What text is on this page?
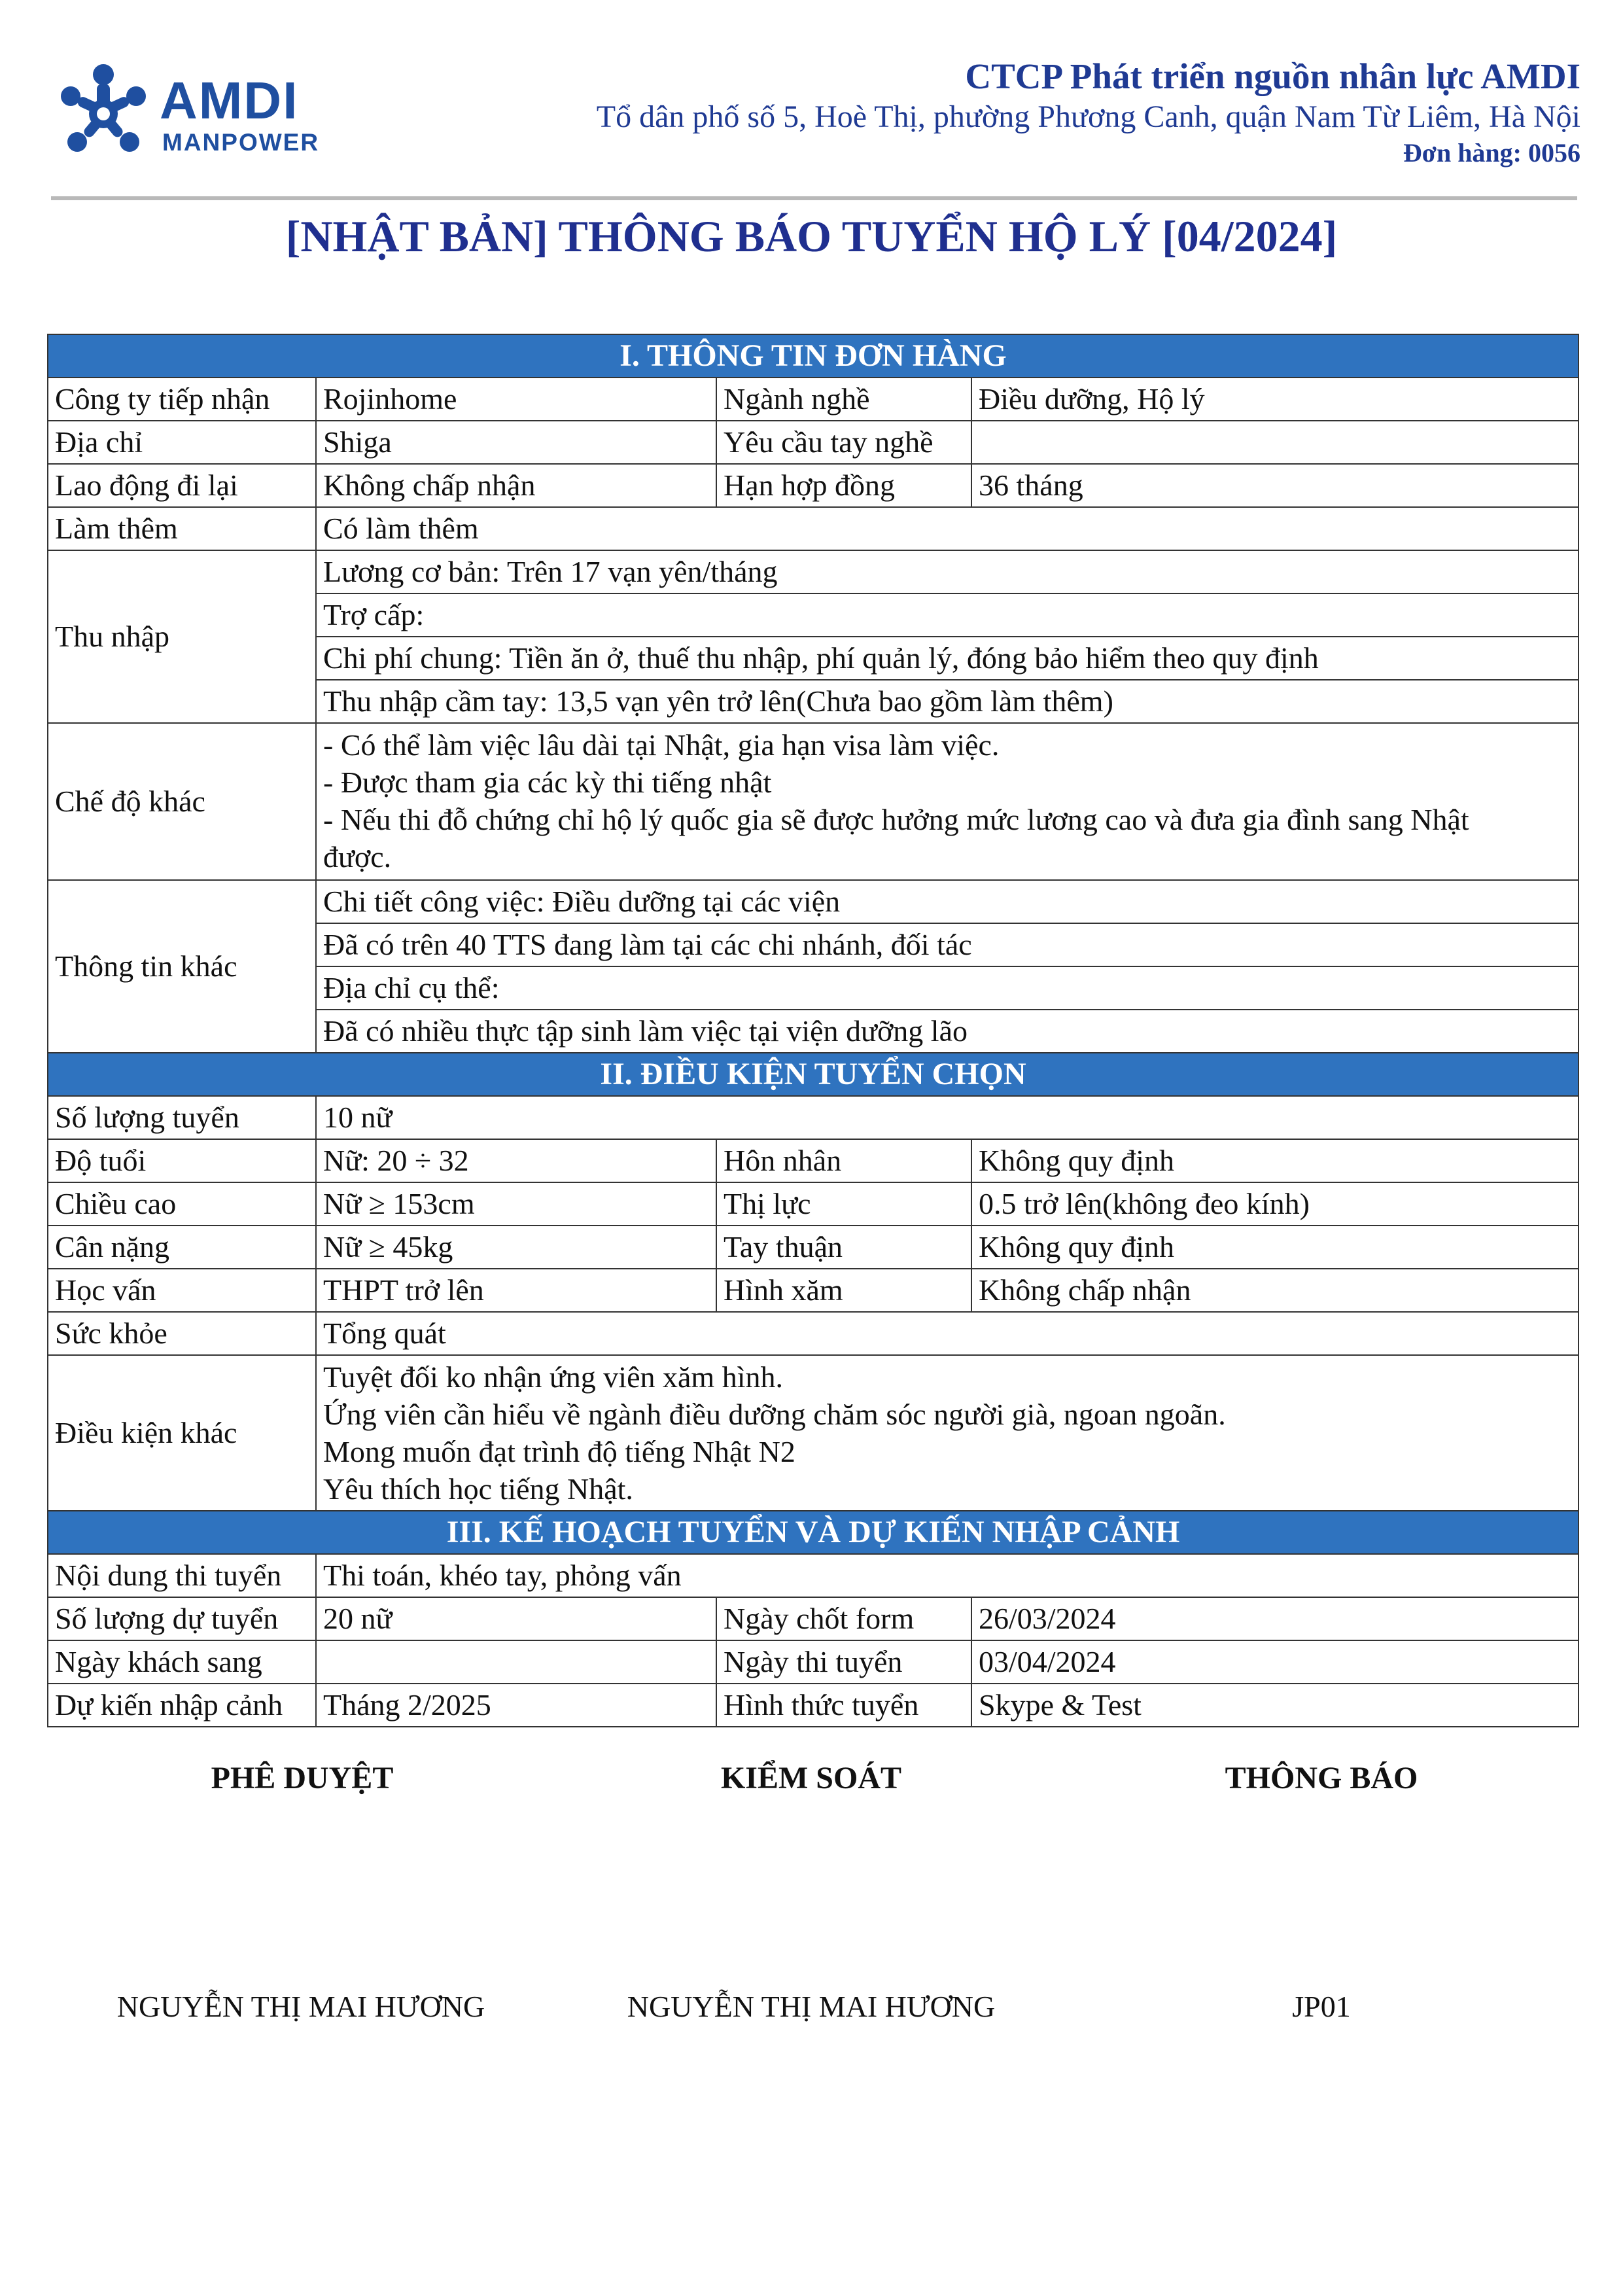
AMDI
MANPOWER
CTCP Phát triển nguồn nhân lực AMDI
Tổ dân phố số 5, Hoè Thị, phường Phương Canh, quận Nam Từ Liêm, Hà Nội
Đơn hàng: 0056
[NHẬT BẢN] THÔNG BÁO TUYỂN HỘ LÝ [04/2024]
I. THÔNG TIN ĐƠN HÀNG			
Công ty tiếp nhận	Rojinhome	Ngành nghề	Điều dưỡng, Hộ lý
Địa chỉ	Shiga	Yêu cầu tay nghề	
Lao động đi lại	Không chấp nhận	Hạn hợp đồng	36 tháng
Làm thêm	Có làm thêm		
Thu nhập	Lương cơ bản: Trên 17 vạn yên/tháng		
	Trợ cấp:		
	Chi phí chung: Tiền ăn ở, thuế thu nhập, phí quản lý, đóng bảo hiểm theo quy định		
	Thu nhập cầm tay: 13,5 vạn yên trở lên(Chưa bao gồm làm thêm)		
Chế độ khác	- Có thể làm việc lâu dài tại Nhật, gia hạn visa làm việc.
- Được tham gia các kỳ thi tiếng nhật
- Nếu thi đỗ chứng chỉ hộ lý quốc gia sẽ được hưởng mức lương cao và đưa gia đình sang Nhật
được.		

Thông tin khác	Chi tiết công việc: Điều dưỡng tại các viện		
	Đã có trên 40 TTS đang làm tại các chi nhánh, đối tác		
	Địa chỉ cụ thể:		
	Đã có nhiều thực tập sinh làm việc tại viện dưỡng lão		
II. ĐIỀU KIỆN TUYỂN CHỌN			
Số lượng tuyển	10 nữ		
Độ tuổi	Nữ: 20 ÷ 32	Hôn nhân	Không quy định
Chiều cao	Nữ ≥ 153cm	Thị lực	0.5 trở lên(không đeo kính)
Cân nặng	Nữ ≥ 45kg	Tay thuận	Không quy định
Học vấn	THPT trở lên	Hình xăm	Không chấp nhận
Sức khỏe	Tổng quát		
Điều kiện khác	Tuyệt đối ko nhận ứng viên xăm hình.
Ứng viên cần hiểu về ngành điều dưỡng chăm sóc người già, ngoan ngoãn.
Mong muốn đạt trình độ tiếng Nhật N2
Yêu thích học tiếng Nhật.		

III. KẾ HOẠCH TUYỂN VÀ DỰ KIẾN NHẬP CẢNH			
Nội dung thi tuyển	Thi toán, khéo tay, phỏng vấn		
Số lượng dự tuyển	20 nữ	Ngày chốt form	26/03/2024
Ngày khách sang		Ngày thi tuyển	03/04/2024
Dự kiến nhập cảnh	Tháng 2/2025	Hình thức tuyển	Skype & Test
PHÊ DUYỆT	KIỂM SOÁT	THÔNG BÁO
NGUYỄN THỊ MAI HƯƠNG	NGUYỄN THỊ MAI HƯƠNG	JP01
